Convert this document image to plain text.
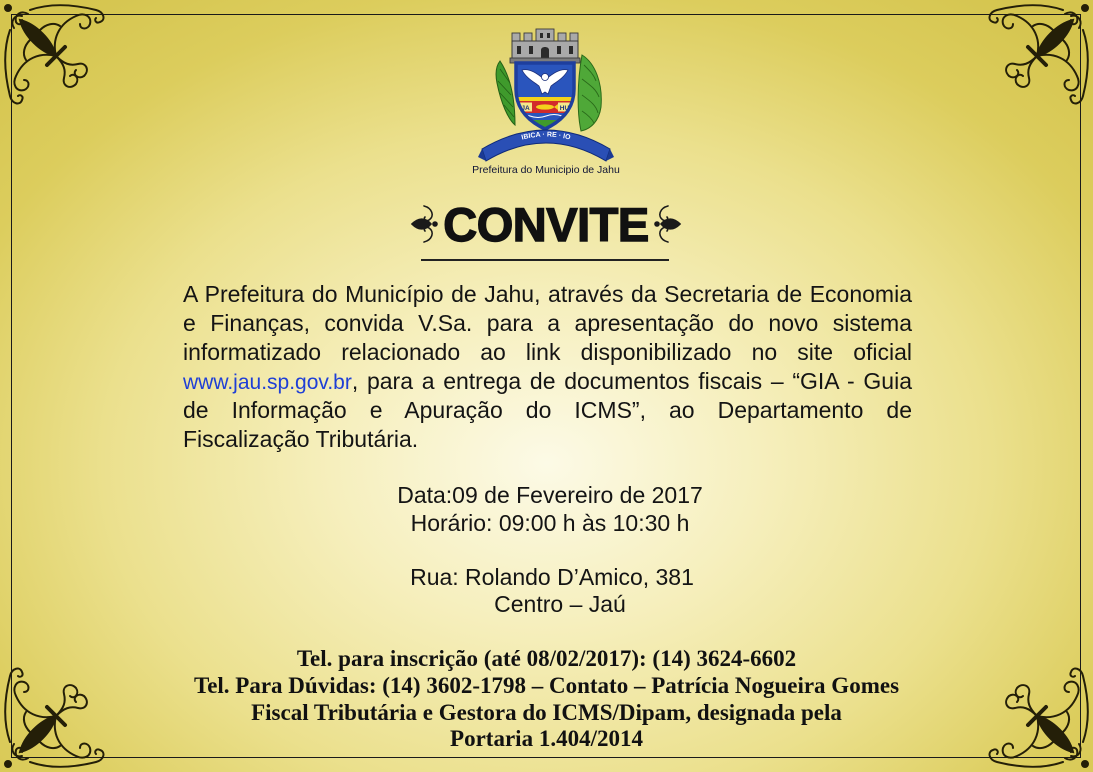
JA	HU
IBICA · RE · IO
Prefeitura do Municipio de Jahu
CONVITE
A Prefeitura do Município de Jahu, através da Secretaria de Economia
e Finanças, convida V.Sa. para a apresentação do novo sistema
informatizado relacionado ao link disponibilizado no site oficial
www.jau.sp.gov.br, para a entrega de documentos fiscais – “GIA - Guia
de Informação e Apuração do ICMS”, ao Departamento de
Fiscalização Tributária.
Data:09 de Fevereiro de 2017
Horário: 09:00 h às 10:30 h
Rua: Rolando D’Amico, 381
Centro – Jaú
Tel. para inscrição (até 08/02/2017): (14) 3624-6602
Tel. Para Dúvidas: (14) 3602-1798 – Contato – Patrícia Nogueira Gomes
Fiscal Tributária e Gestora do ICMS/Dipam, designada pela
Portaria 1.404/2014
